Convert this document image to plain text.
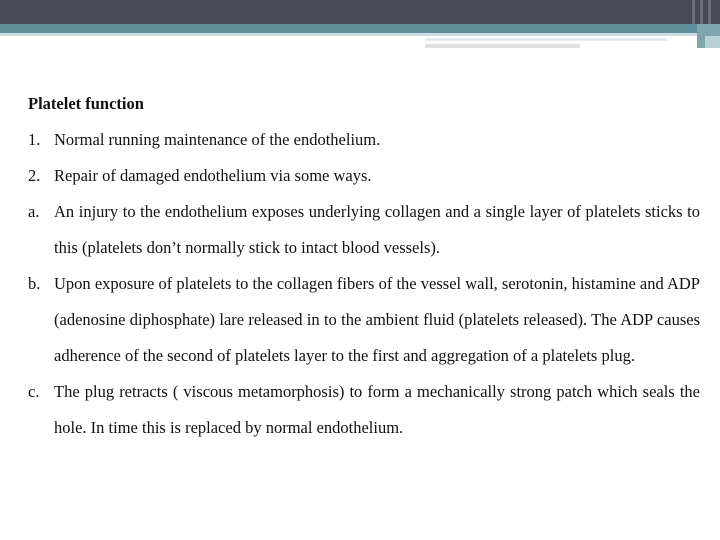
Platelet function
1. Normal running maintenance of the endothelium.
2. Repair of damaged endothelium via some ways.
a. An injury to the endothelium exposes underlying collagen and a single layer of platelets sticks to this (platelets don’t normally stick to intact blood vessels).
b. Upon exposure of platelets to the collagen fibers of the vessel wall, serotonin, histamine and ADP (adenosine diphosphate) lare released in to the ambient fluid (platelets released). The ADP causes adherence of the second of platelets layer to the first and aggregation of a platelets plug.
c. The plug retracts ( viscous metamorphosis) to form a mechanically strong patch which seals the hole. In time this is replaced by normal endothelium.
